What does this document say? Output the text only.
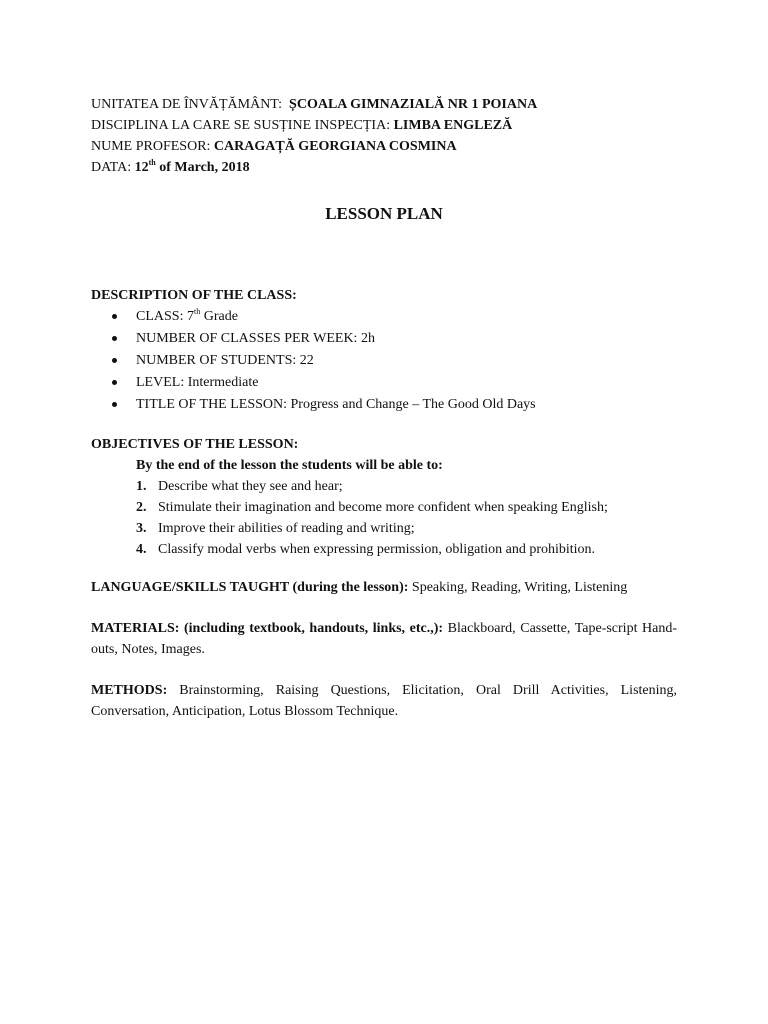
UNITATEA DE ÎNVĂȚĂMÂNT: ȘCOALA GIMNAZIALĂ NR 1 POIANA
DISCIPLINA LA CARE SE SUSȚINE INSPECȚIA: LIMBA ENGLEZĂ
NUME PROFESOR: CARAGAȚĂ GEORGIANA COSMINA
DATA: 12th of March, 2018
LESSON PLAN
DESCRIPTION OF THE CLASS:
CLASS: 7th Grade
NUMBER OF CLASSES PER WEEK: 2h
NUMBER OF STUDENTS: 22
LEVEL: Intermediate
TITLE OF THE LESSON: Progress and Change – The Good Old Days
OBJECTIVES OF THE LESSON:
By the end of the lesson the students will be able to:
1. Describe what they see and hear;
2. Stimulate their imagination and become more confident when speaking English;
3. Improve their abilities of reading and writing;
4. Classify modal verbs when expressing permission, obligation and prohibition.
LANGUAGE/SKILLS TAUGHT (during the lesson): Speaking, Reading, Writing, Listening
MATERIALS: (including textbook, handouts, links, etc.,): Blackboard, Cassette, Tape-script Hand-outs, Notes, Images.
METHODS: Brainstorming, Raising Questions, Elicitation, Oral Drill Activities, Listening, Conversation, Anticipation, Lotus Blossom Technique.
